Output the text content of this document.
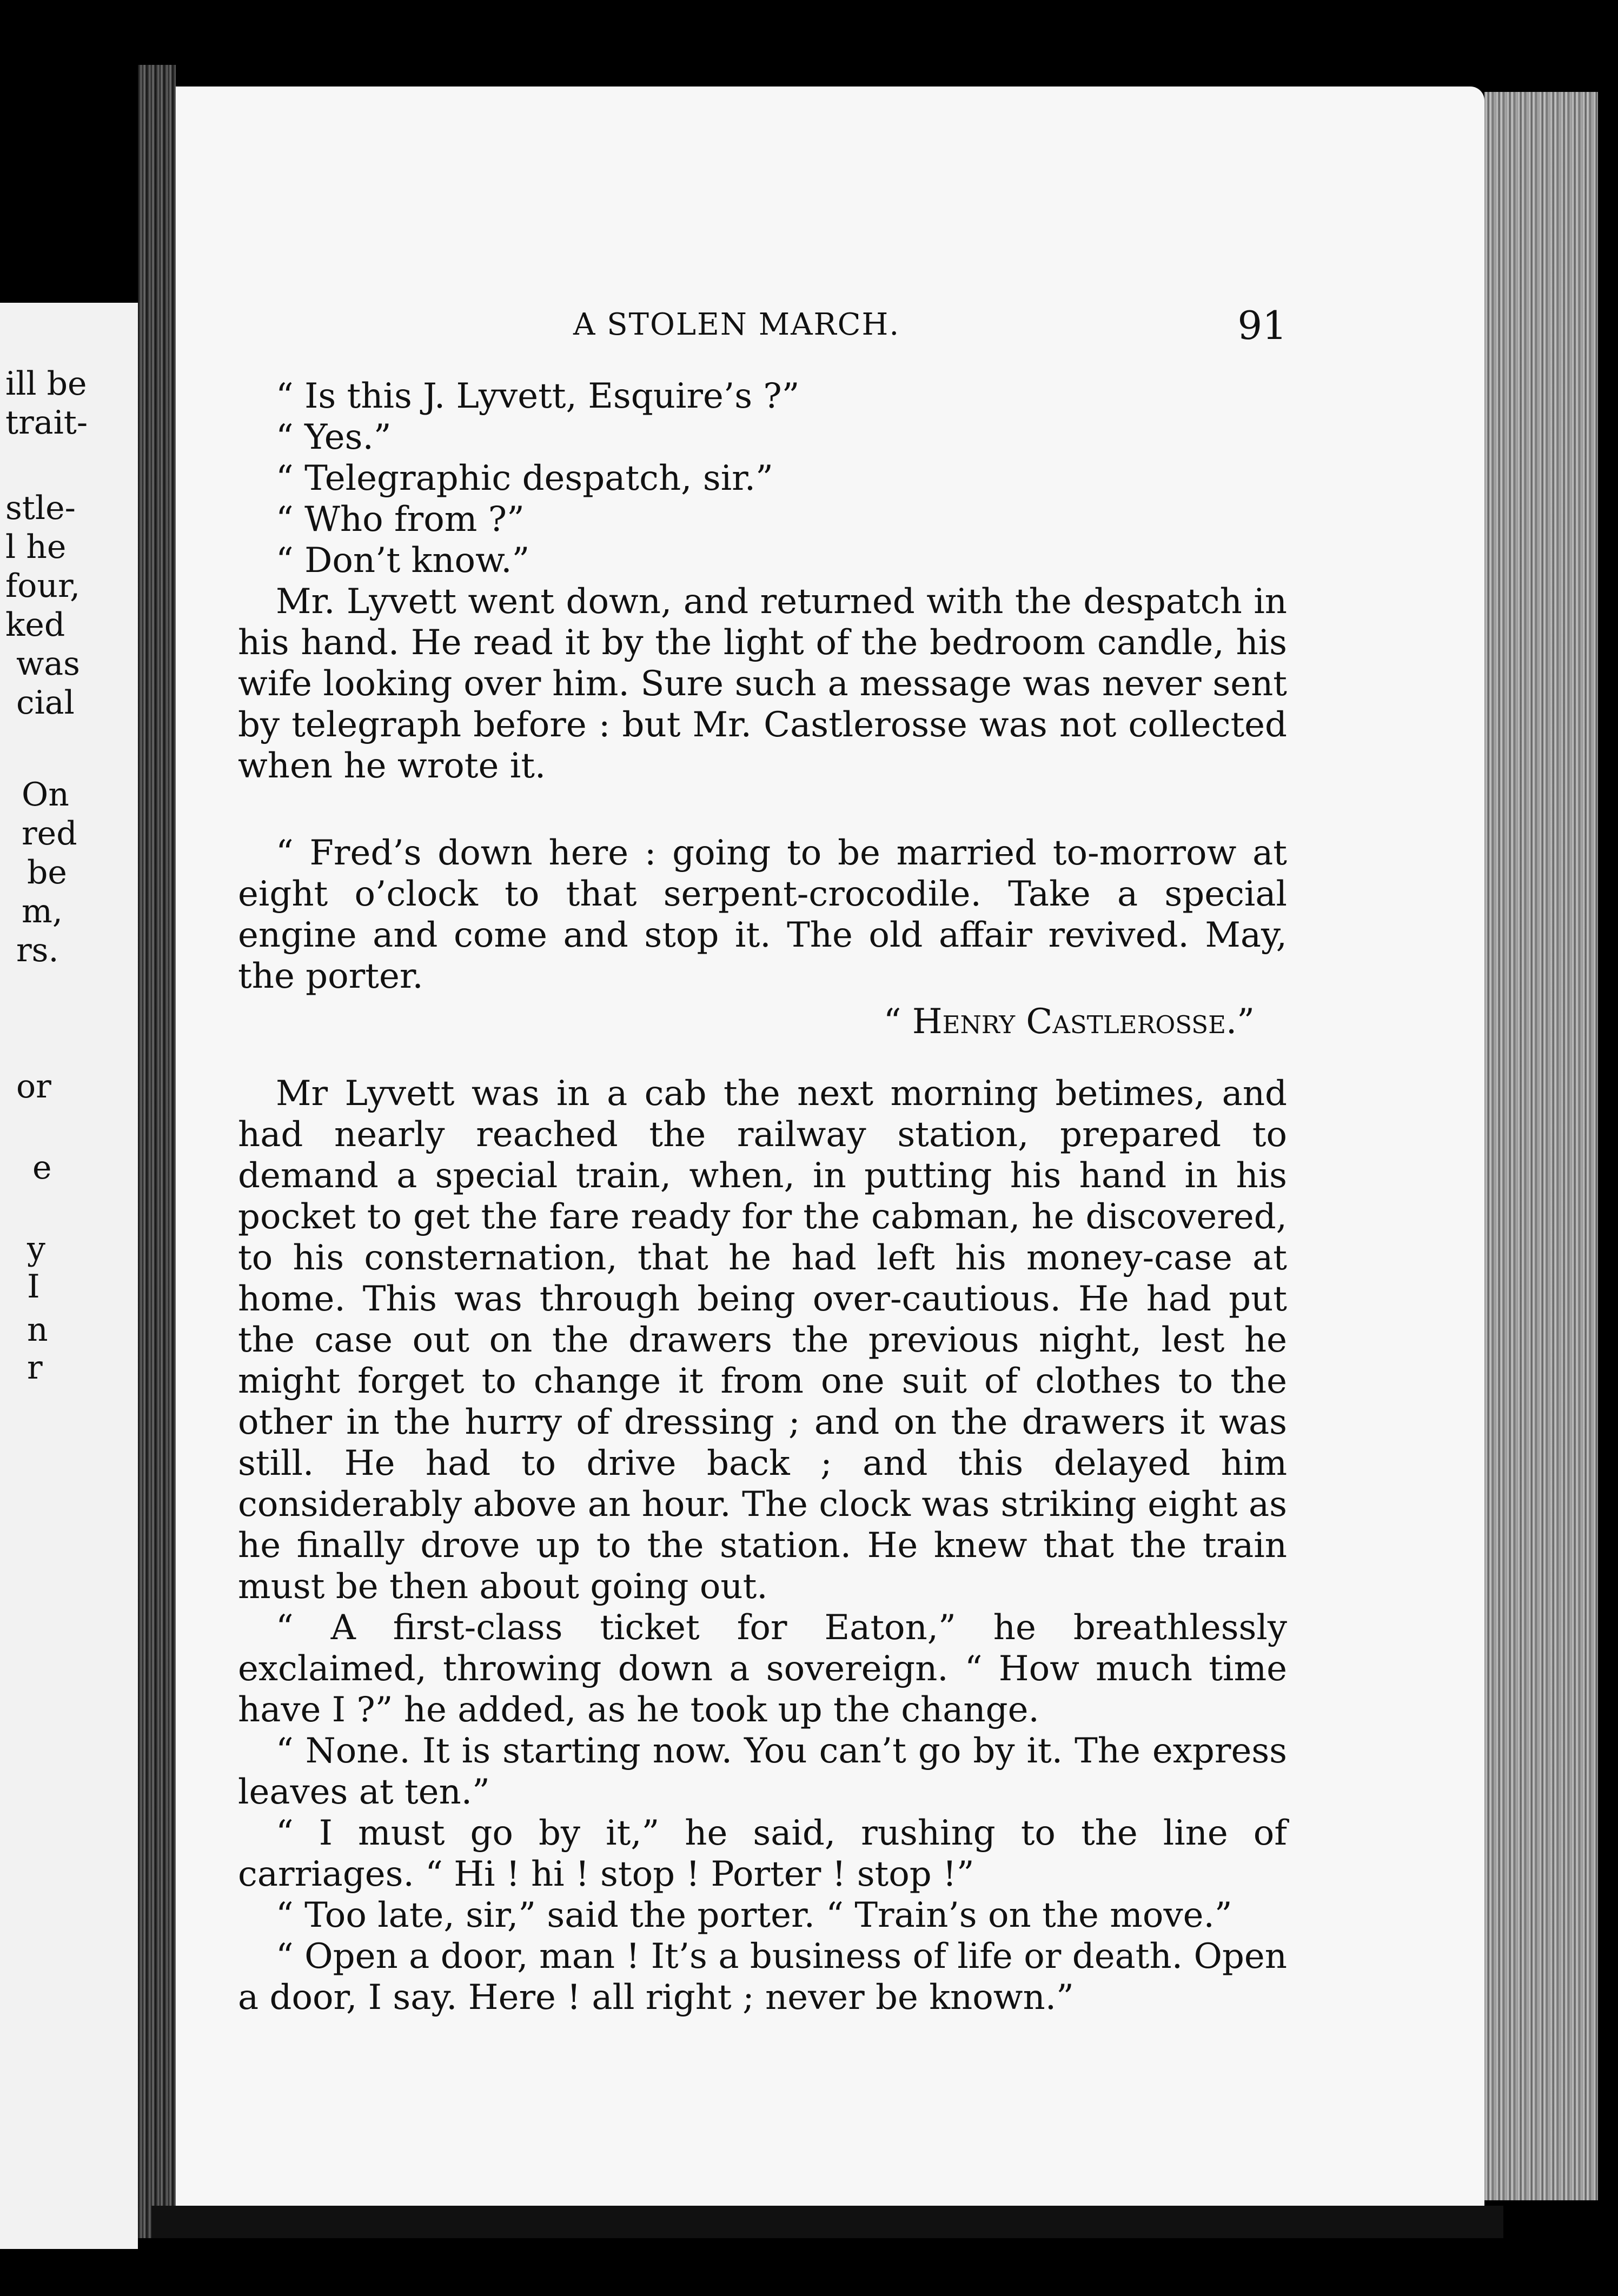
ill be
trait-
stle-
l he
four,
ked
was
cial
On
red
be
m,
rs.
or
e
y
I
n
r
A STOLEN MARCH.	91
“ Is this J. Lyvett, Esquire’s ?”
“ Yes.”
“ Telegraphic despatch, sir.”
“ Who from ?”
“ Don’t know.”

Mr. Lyvett went down, and returned with the despatch in his hand. He read it by the light of the bedroom candle, his wife looking over him. Sure such a message was never sent by telegraph before : but Mr. Castlerosse was not collected when he wrote it.

“ Fred’s down here : going to be married to-morrow at eight o’clock to that serpent-crocodile. Take a special engine and come and stop it. The old affair revived. May, the porter.

“ Henry Castlerosse.”

Mr Lyvett was in a cab the next morning betimes, and had nearly reached the railway station, prepared to demand a special train, when, in putting his hand in his pocket to get the fare ready for the cabman, he discovered, to his consternation, that he had left his money-case at home. This was through being over-cautious. He had put the case out on the drawers the previous night, lest he might forget to change it from one suit of clothes to the other in the hurry of dressing ; and on the drawers it was still. He had to drive back ; and this delayed him considerably above an hour. The clock was striking eight as he finally drove up to the station. He knew that the train must be then about going out.

“ A first-class ticket for Eaton,” he breathlessly exclaimed, throwing down a sovereign. “ How much time have I ?” he added, as he took up the change.

“ None. It is starting now. You can’t go by it. The express leaves at ten.”

“ I must go by it,” he said, rushing to the line of carriages. “ Hi ! hi ! stop ! Porter ! stop !”

“ Too late, sir,” said the porter. “ Train’s on the move.”

“ Open a door, man ! It’s a business of life or death. Open a door, I say. Here ! all right ; never be known.”
